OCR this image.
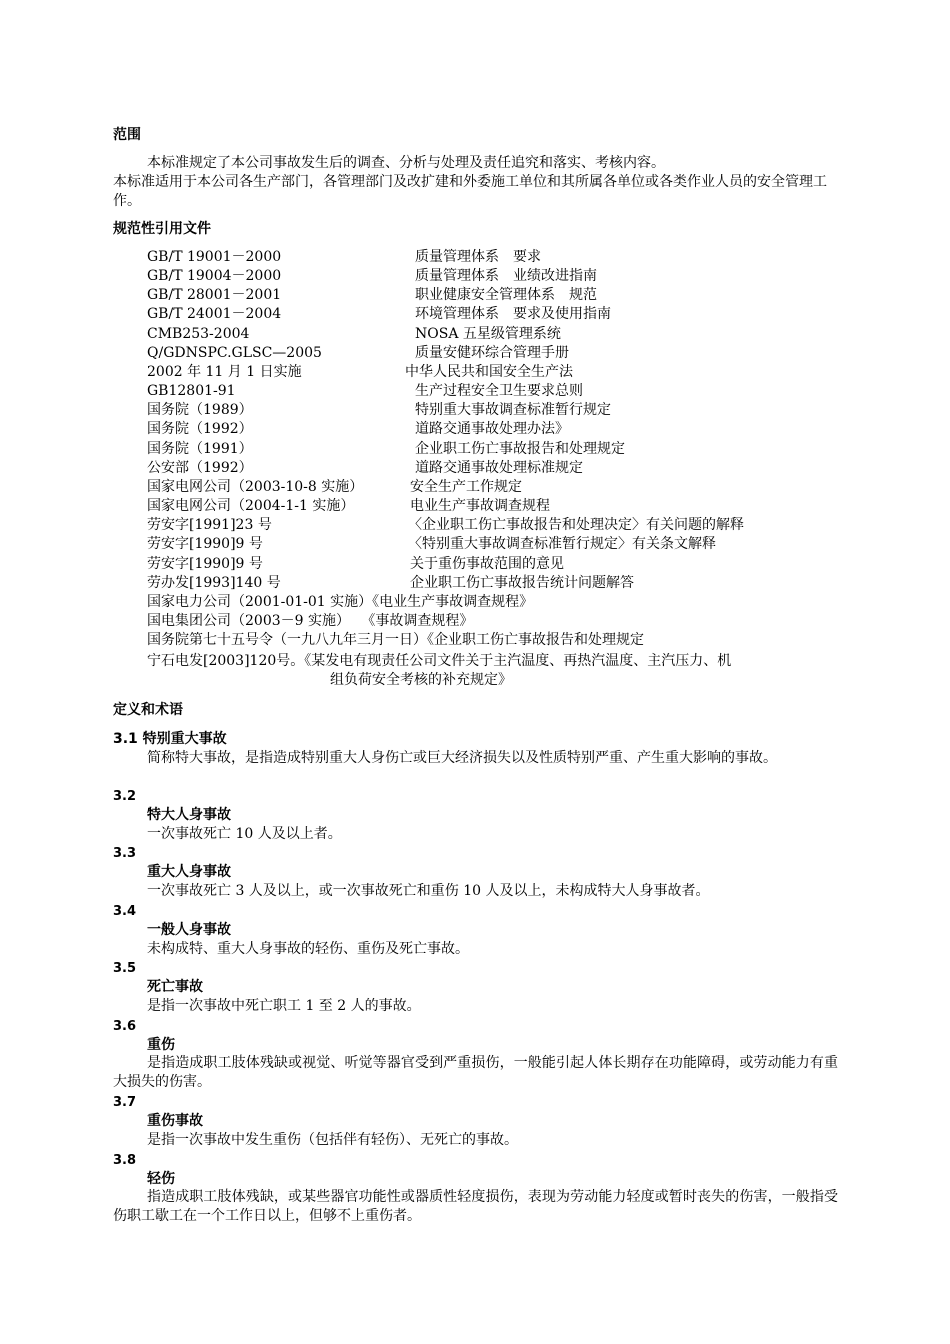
范围
本标准规定了本公司事故发生后的调查、分析与处理及责任追究和落实、考核内容。
本标准适用于本公司各生产部门，各管理部门及改扩建和外委施工单位和其所属各单位或各类作业人员的安全管理工作。
规范性引用文件
GB/T 19001－2000	质量管理体系　要求
GB/T 19004－2000	质量管理体系　业绩改进指南
GB/T 28001－2001	职业健康安全管理体系　规范
GB/T 24001－2004	环境管理体系　要求及使用指南
CMB253-2004	NOSA 五星级管理系统
Q/GDNSPC.GLSC—2005	质量安健环综合管理手册
2002 年 11 月 1 日实施	中华人民共和国安全生产法
GB12801-91	生产过程安全卫生要求总则
国务院（1989）	特别重大事故调查标准暂行规定
国务院（1992）	道路交通事故处理办法》
国务院（1991）	企业职工伤亡事故报告和处理规定
公安部（1992）	道路交通事故处理标准规定
国家电网公司（2003-10-8 实施）	安全生产工作规定
国家电网公司（2004-1-1 实施）	电业生产事故调查规程
劳安字[1991]23 号	〈企业职工伤亡事故报告和处理决定〉有关问题的解释
劳安字[1990]9 号	〈特别重大事故调查标准暂行规定〉有关条文解释
劳安字[1990]9 号	关于重伤事故范围的意见
劳办发[1993]140 号	企业职工伤亡事故报告统计问题解答
国家电力公司（2001-01-01 实施）《电业生产事故调查规程》
国电集团公司（2003－9 实施）　 《事故调查规程》
国务院第七十五号令（一九八九年三月一日）《企业职工伤亡事故报告和处理规定
宁石电发[2003]120号。《某发电有现责任公司文件关于主汽温度、再热汽温度、主汽压力、机
组负荷安全考核的补充规定》
定义和术语
3.1 特别重大事故
简称特大事故，是指造成特别重大人身伤亡或巨大经济损失以及性质特别严重、产生重大影响的事故。
3.2
特大人身事故
一次事故死亡 10 人及以上者。
3.3
重大人身事故
一次事故死亡 3 人及以上，或一次事故死亡和重伤 10 人及以上，未构成特大人身事故者。
3.4
一般人身事故
未构成特、重大人身事故的轻伤、重伤及死亡事故。
3.5
死亡事故
是指一次事故中死亡职工 1 至 2 人的事故。
3.6
重伤
是指造成职工肢体残缺或视觉、听觉等器官受到严重损伤，一般能引起人体长期存在功能障碍，或劳动能力有重大损失的伤害。
3.7
重伤事故
是指一次事故中发生重伤（包括伴有轻伤）、无死亡的事故。
3.8
轻伤
指造成职工肢体残缺，或某些器官功能性或器质性轻度损伤，表现为劳动能力轻度或暂时丧失的伤害，一般指受伤职工歇工在一个工作日以上，但够不上重伤者。
